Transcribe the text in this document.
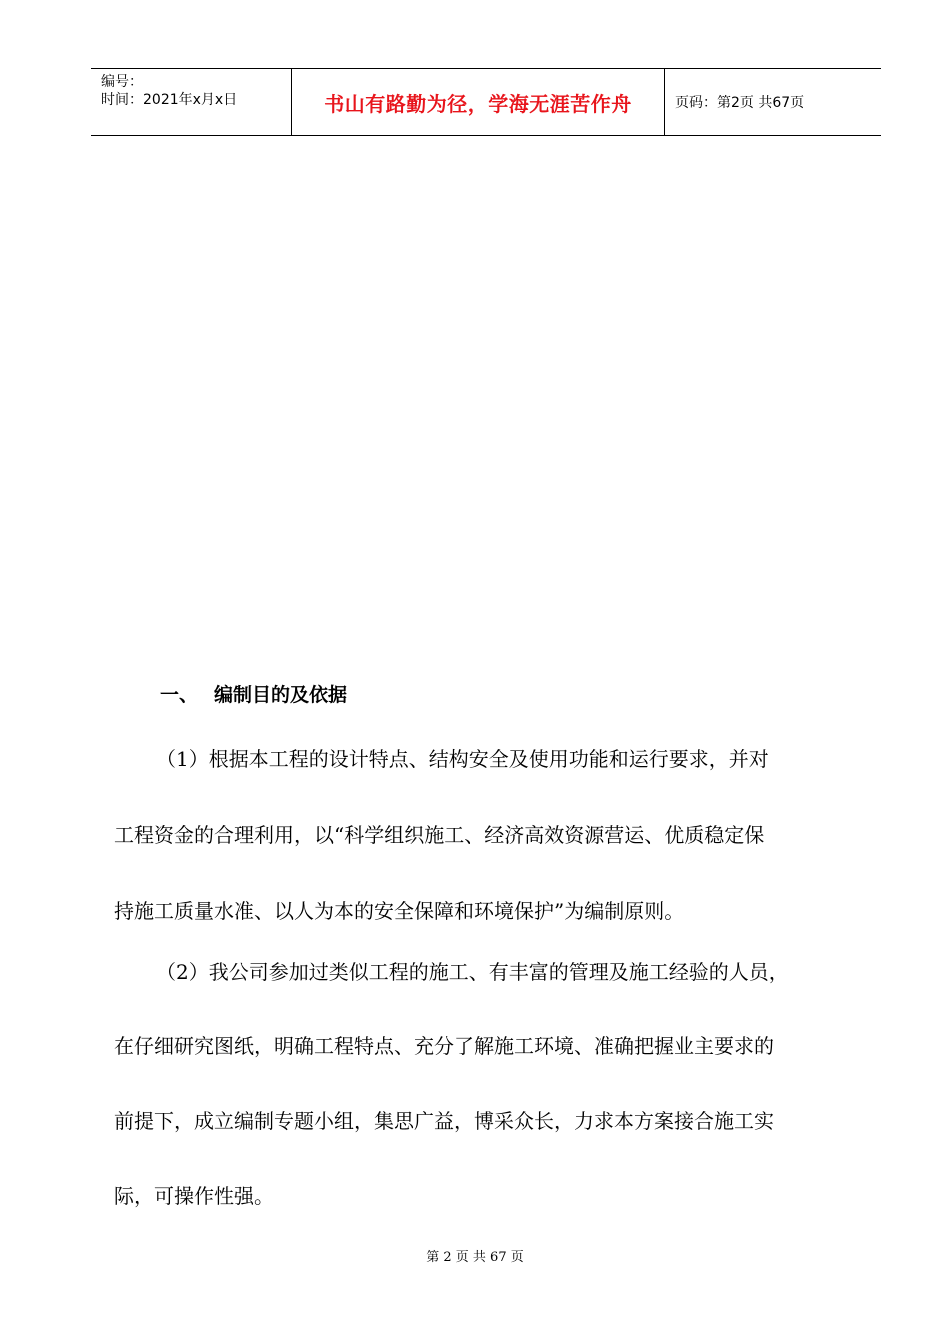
编号：
时间：2021年x月x日	书山有路勤为径，学海无涯苦作舟	页码：第2页 共67页
一、 编制目的及依据
（1）根据本工程的设计特点、结构安全及使用功能和运行要求，并对
工程资金的合理利用，以“科学组织施工、经济高效资源营运、优质稳定保
持施工质量水准、以人为本的安全保障和环境保护”为编制原则。
（2）我公司参加过类似工程的施工、有丰富的管理及施工经验的人员，
在仔细研究图纸，明确工程特点、充分了解施工环境、准确把握业主要求的
前提下，成立编制专题小组，集思广益，博采众长，力求本方案接合施工实
际，可操作性强。
第 2 页 共 67 页
